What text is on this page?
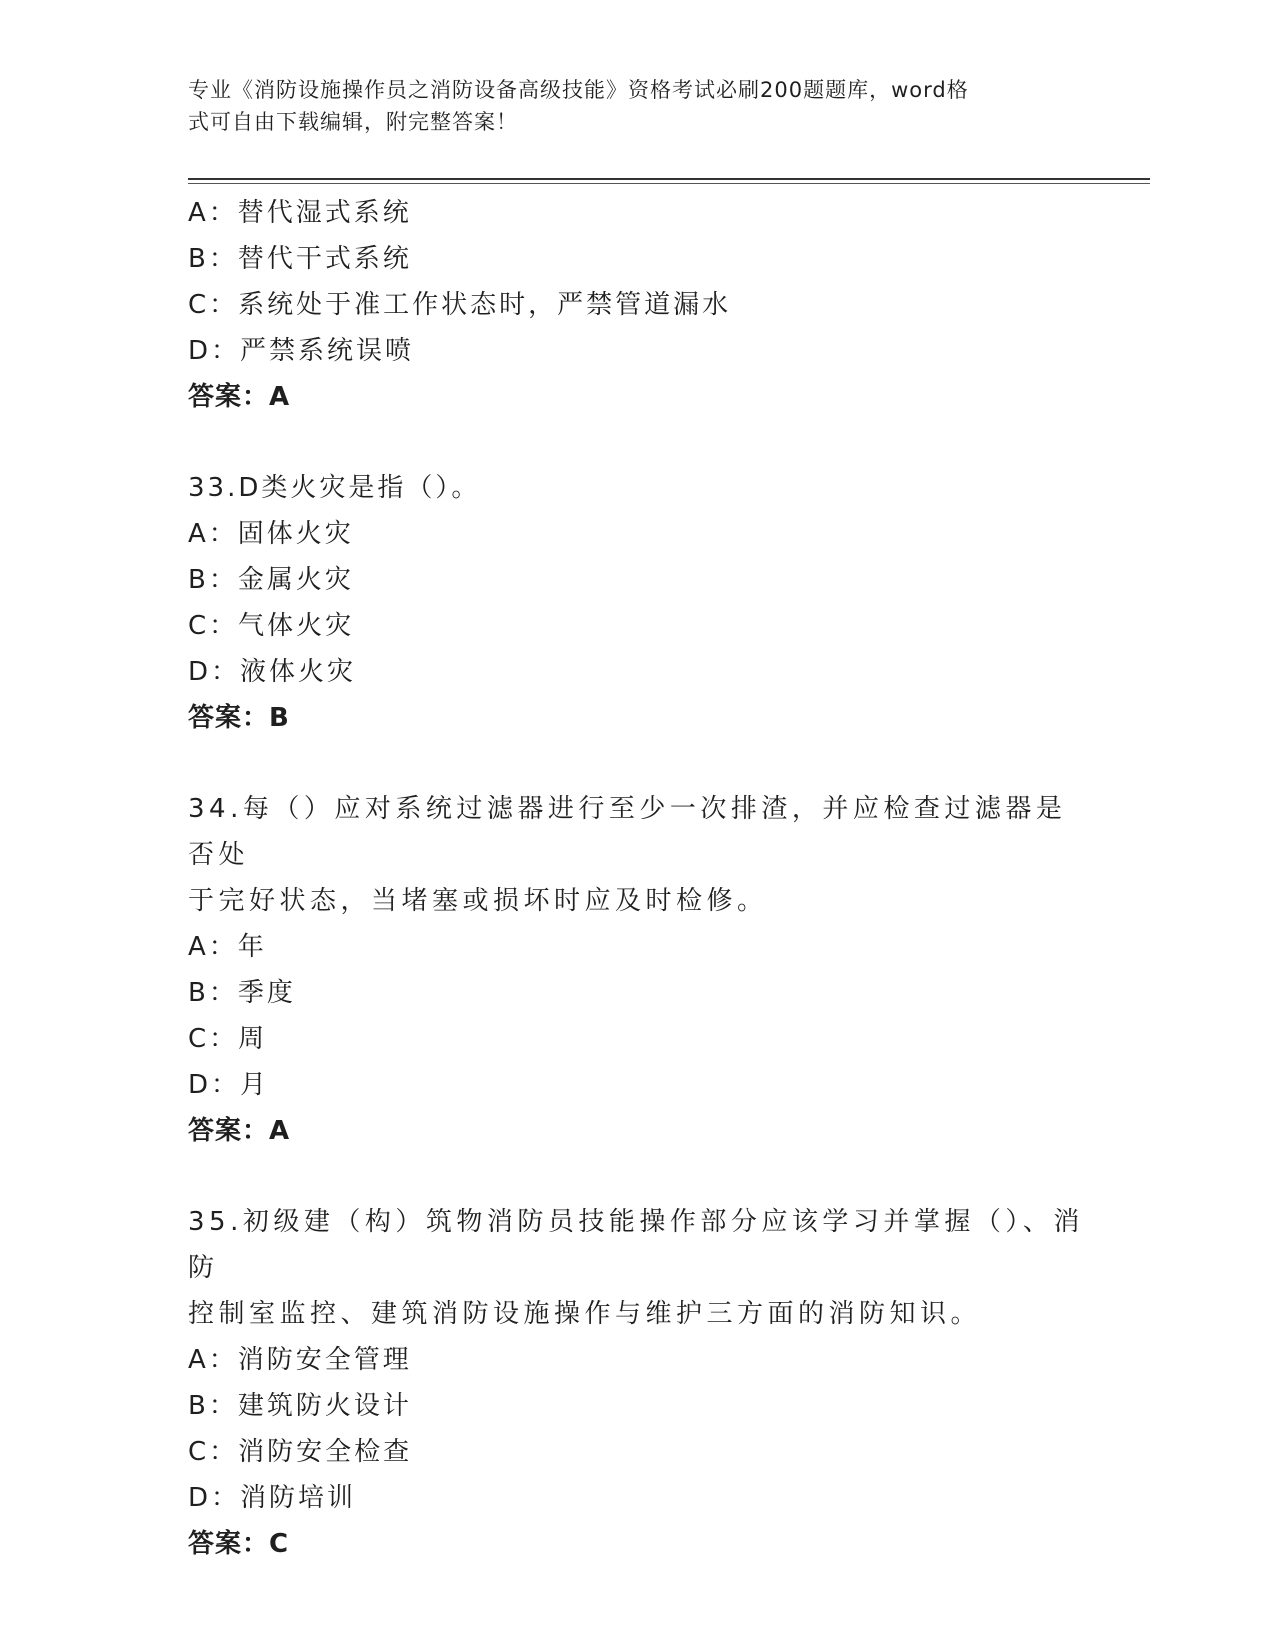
专业《消防设施操作员之消防设备高级技能》资格考试必刷200题题库，word格
式可自由下载编辑，附完整答案！
A：替代湿式系统
B：替代干式系统
C：系统处于准工作状态时，严禁管道漏水
D：严禁系统误喷
答案：A
33.D类火灾是指（）。
A：固体火灾
B：金属火灾
C：气体火灾
D：液体火灾
答案：B
34.每（）应对系统过滤器进行至少一次排渣，并应检查过滤器是否处
于完好状态，当堵塞或损坏时应及时检修。
A：年
B：季度
C：周
D：月
答案：A
35.初级建（构）筑物消防员技能操作部分应该学习并掌握（）、消防
控制室监控、建筑消防设施操作与维护三方面的消防知识。
A：消防安全管理
B：建筑防火设计
C：消防安全检查
D：消防培训
答案：C
